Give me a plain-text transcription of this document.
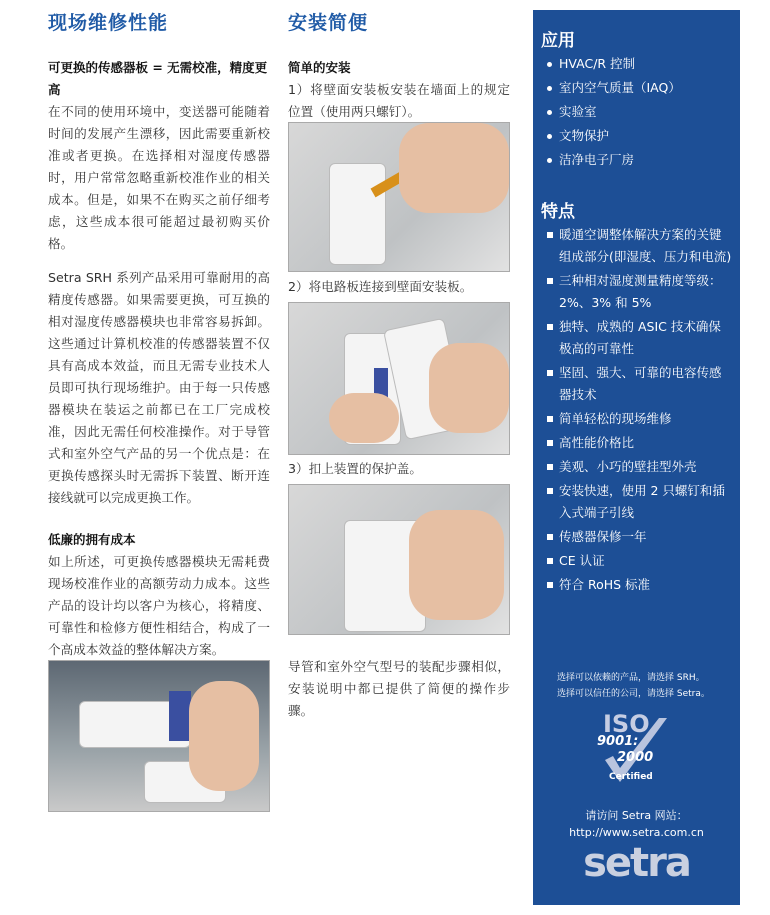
现场维修性能
可更换的传感器板 = 无需校准，精度更高

在不同的使用环境中，变送器可能随着时间的发展产生漂移，因此需要重新校准或者更换。在选择相对湿度传感器时，用户常常忽略重新校准作业的相关成本。但是，如果不在购买之前仔细考虑，这些成本很可能超过最初购买价格。

Setra SRH 系列产品采用可靠耐用的高精度传感器。如果需要更换，可互换的相对湿度传感器模块也非常容易拆卸。这些通过计算机校准的传感器装置不仅具有高成本效益，而且无需专业技术人员即可执行现场维护。由于每一只传感器模块在装运之前都已在工厂完成校准，因此无需任何校准操作。对于导管式和室外空气产品的另一个优点是：在更换传感探头时无需拆下装置、断开连接线就可以完成更换工作。

低廉的拥有成本

如上所述，可更换传感器模块无需耗费现场校准作业的高额劳动力成本。这些产品的设计均以客户为核心，将精度、可靠性和检修方便性相结合，构成了一个高成本效益的整体解决方案。

安装简便
简单的安装

1）将壁面安装板安装在墙面上的规定位置（使用两只螺钉）。

2）将电路板连接到壁面安装板。

3）扣上装置的保护盖。

导管和室外空气型号的装配步骤相似，安装说明中都已提供了简便的操作步骤。

应用
HVAC/R 控制
室内空气质量（IAQ）
实验室
文物保护
洁净电子厂房
特点
暖通空调整体解决方案的关键组成部分(即湿度、压力和电流)
三种相对湿度测量精度等级：2%、3% 和 5%
独特、成熟的 ASIC 技术确保极高的可靠性
坚固、强大、可靠的电容传感器技术
简单轻松的现场维修
高性能价格比
美观、小巧的壁挂型外壳
安装快速，使用 2 只螺钉和插入式端子引线
传感器保修一年
CE 认证
符合 RoHS 标准
选择可以依赖的产品，请选择 SRH。
选择可以信任的公司，请选择 Setra。
ISO
9001:
2000
Certified
请访问 Setra 网站：
http://www.setra.com.cn
setra
